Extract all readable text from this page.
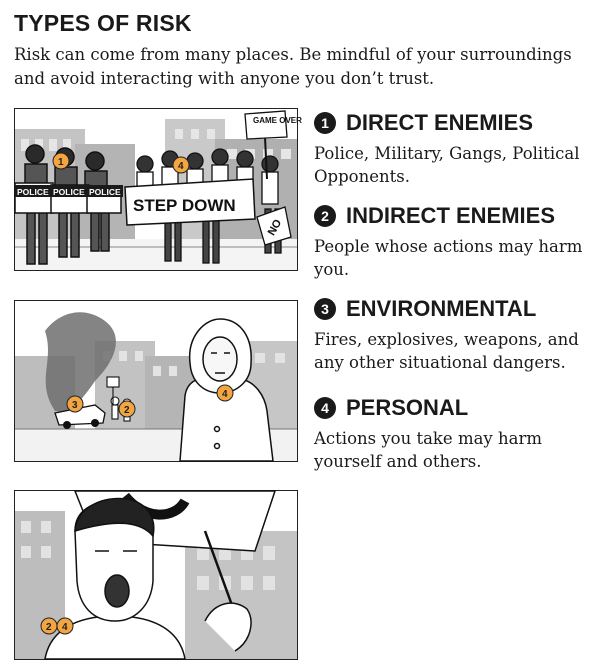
TYPES OF RISK
Risk can come from many places. Be mindful of your surroundings and avoid interacting with anyone you don’t trust.
POLICE POLICE POLICE
STEP DOWN
GAME OVER
NO
1	4
3	2
4
2 4
1 DIRECT ENEMIES
Police, Military, Gangs, Political Opponents.
2 INDIRECT ENEMIES
People whose actions may harm you.
3 ENVIRONMENTAL
Fires, explosives, weapons, and any other situational dangers.
4 PERSONAL
Actions you take may harm yourself and others.
